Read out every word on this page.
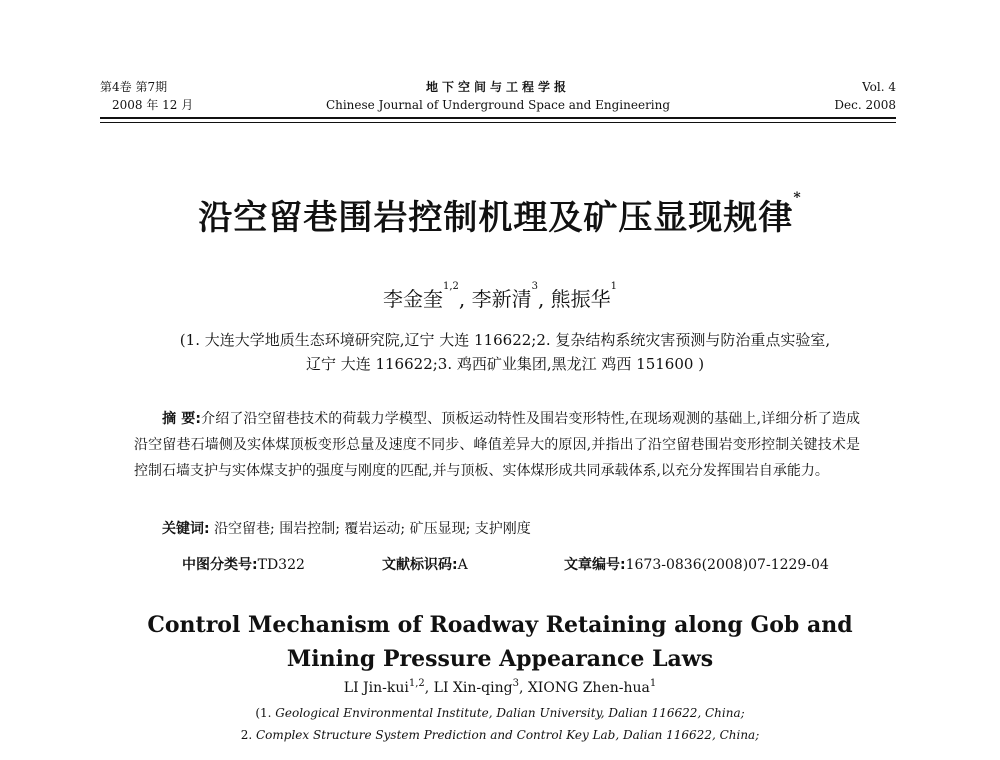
第4卷 第7期
2008 年 12 月
地下空间与工程学报
Chinese Journal of Underground Space and Engineering
Vol. 4
Dec. 2008
沿空留巷围岩控制机理及矿压显现规律*
李金奎$^{1,2}$, 李新清$^3$, 熊振华$^1$
(1. 大连大学地质生态环境研究院,辽宁 大连 116622;2. 复杂结构系统灾害预测与防治重点实验室,
辽宁 大连 116622;3. 鸡西矿业集团,黑龙江 鸡西 151600 )
摘 要:介绍了沿空留巷技术的荷载力学模型、顶板运动特性及围岩变形特性,在现场观测的基础上,详细分析了造成沿空留巷石墙侧及实体煤顶板变形总量及速度不同步、峰值差异大的原因,并指出了沿空留巷围岩变形控制关键技术是控制石墙支护与实体煤支护的强度与刚度的匹配,并与顶板、实体煤形成共同承载体系,以充分发挥围岩自承能力。
关键词: 沿空留巷; 围岩控制; 覆岩运动; 矿压显现; 支护刚度
中图分类号:TD322	文献标识码:A	文章编号:1673-0836(2008)07-1229-04
Control Mechanism of Roadway Retaining along Gob and
Mining Pressure Appearance Laws
LI Jin-kui$^{1,2}$, LI Xin-qing$^3$, XIONG Zhen-hua$^1$
(1. Geological Environmental Institute, Dalian University, Dalian 116622, China;
2. Complex Structure System Prediction and Control Key Lab, Dalian 116622, China;
